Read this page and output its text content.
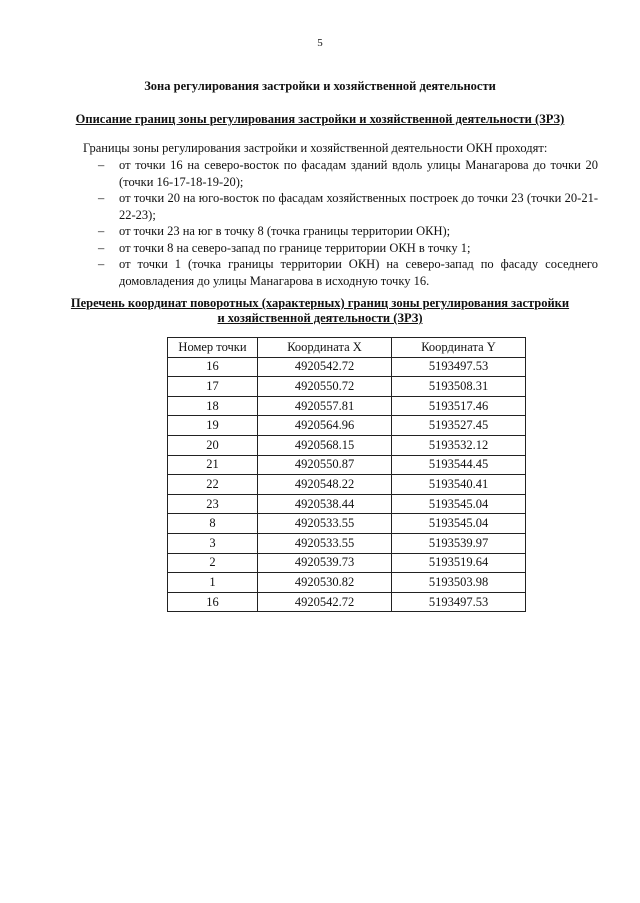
5
Зона регулирования застройки и хозяйственной деятельности
Описание границ зоны регулирования застройки и хозяйственной деятельности (ЗРЗ)
Границы зоны регулирования застройки и хозяйственной деятельности ОКН проходят:
– от точки 16 на северо-восток по фасадам зданий вдоль улицы Манагарова до точки 20 (точки 16-17-18-19-20);
– от точки 20 на юго-восток по фасадам хозяйственных построек до точки 23 (точки 20-21-22-23);
– от точки 23 на юг в точку 8 (точка границы территории ОКН);
– от точки 8 на северо-запад по границе территории ОКН в точку 1;
– от точки 1 (точка границы территории ОКН) на северо-запад по фасаду соседнего домовладения до улицы Манагарова в исходную точку 16.
Перечень координат поворотных (характерных) границ зоны регулирования застройки
и хозяйственной деятельности (ЗРЗ)
Номер точки	Координата X	Координата Y
16	4920542.72	5193497.53
17	4920550.72	5193508.31
18	4920557.81	5193517.46
19	4920564.96	5193527.45
20	4920568.15	5193532.12
21	4920550.87	5193544.45
22	4920548.22	5193540.41
23	4920538.44	5193545.04
8	4920533.55	5193545.04
3	4920533.55	5193539.97
2	4920539.73	5193519.64
1	4920530.82	5193503.98
16	4920542.72	5193497.53
